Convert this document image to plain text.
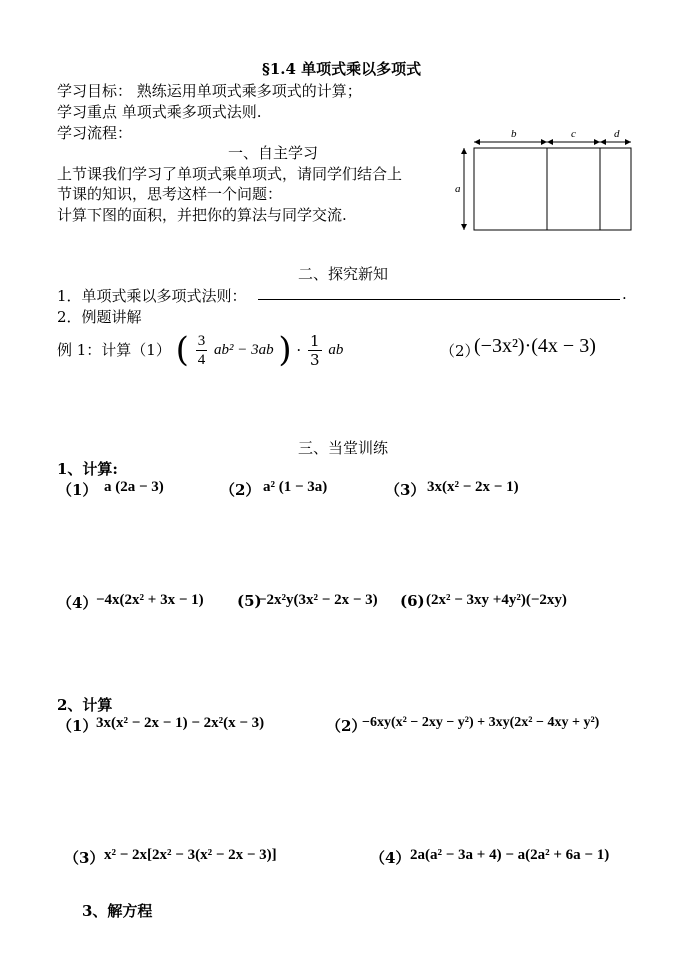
§1.4 单项式乘以多项式
学习目标： 熟练运用单项式乘多项式的计算；
学习重点 单项式乘多项式法则.
学习流程：
一、自主学习
上节课我们学习了单项式乘单项式，请同学们结合上
节课的知识，思考这样一个问题：
计算下图的面积，并把你的算法与同学交流.
b	c	d
a
二、探究新知
1．单项式乘以多项式法则：	.
2．例题讲解
例 1：计算（1） ( $\frac{3}{4} ab^2 - 3ab$ ) · $\frac{1}{3}$ ab	（2）
(−3x²)·(4x − 3)
三、当堂训练
1、计算:
（1） a (2a − 3)	（2） a² (1 − 3a)	（3） 3x(x² − 2x − 1)
（4）
−4x(2x² + 3x − 1) (5)
−2x²y(3x² − 2x − 3) (6) (2x² − 3xy +4y²)(−2xy)
2、计算
（1）
3x(x² − 2x − 1) − 2x²(x − 3)	（2）
−6xy(x² − 2xy − y²) + 3xy(2x² − 4xy + y²)
（3） x² − 2x[2x² − 3(x² − 2x − 3)]	（4） 2a(a² − 3a + 4) − a(2a² + 6a − 1)
3、解方程
